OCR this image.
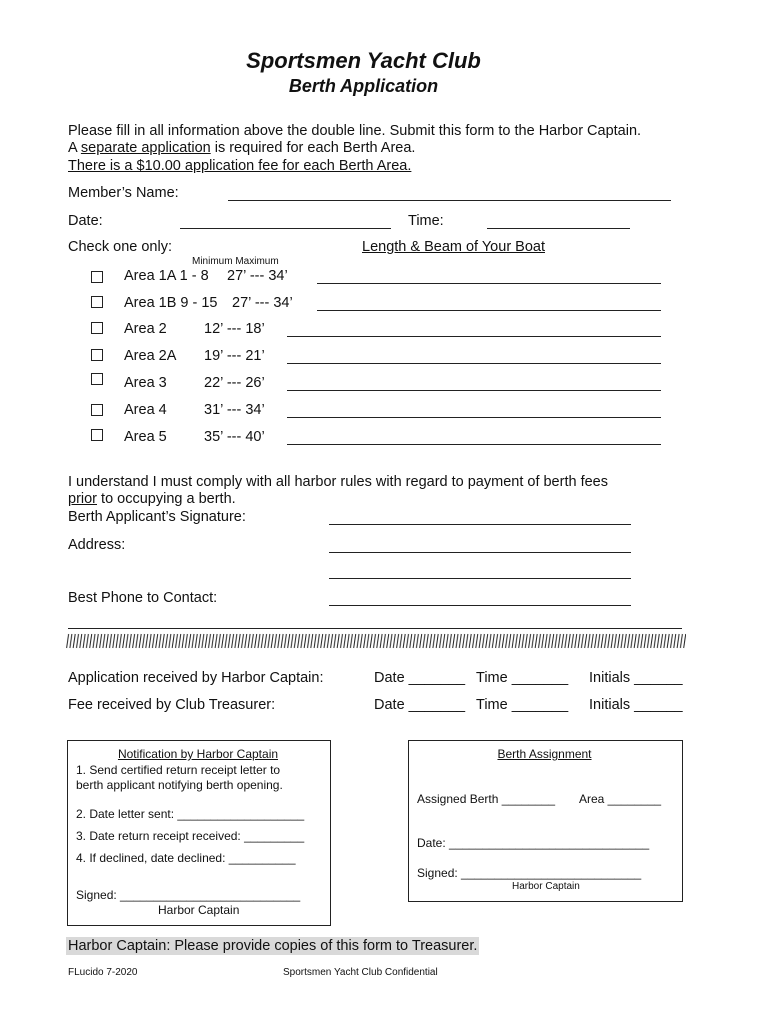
Sportsmen Yacht Club
Berth Application
Please fill in all information above the double line. Submit this form to the Harbor Captain.
A separate application is required for each Berth Area.
There is a $10.00 application fee for each Berth Area.
Member’s Name:
Date:	Time:
Check one only:	Length & Beam of Your Boat
Minimum Maximum
Area 1A 1 - 8 27’ --- 34’
Area 1B 9 - 15 27’ --- 34’
Area 2	12’ --- 18’
Area 2A 19’ --- 21’
Area 3	22’ --- 26’
Area 4	31’ --- 34’
Area 5	35’ --- 40’
I understand I must comply with all harbor rules with regard to payment of berth fees
prior to occupying a berth.
Berth Applicant’s Signature:
Address:
Best Phone to Contact:
Application received by Harbor Captain:	Date _______ Time _______ Initials ______
Fee received by Club Treasurer:	Date _______ Time _______ Initials ______
Notification by Harbor Captain
1. Send certified return receipt letter to
berth applicant notifying berth opening.
2. Date letter sent: ___________________
3. Date return receipt received: _________
4. If declined, date declined: __________
Signed: ___________________________
Harbor Captain
Berth Assignment
Assigned Berth ________ Area ________
Date: ______________________________
Signed: ___________________________
Harbor Captain
Harbor Captain: Please provide copies of this form to Treasurer.
FLucido 7-2020	Sportsmen Yacht Club Confidential
